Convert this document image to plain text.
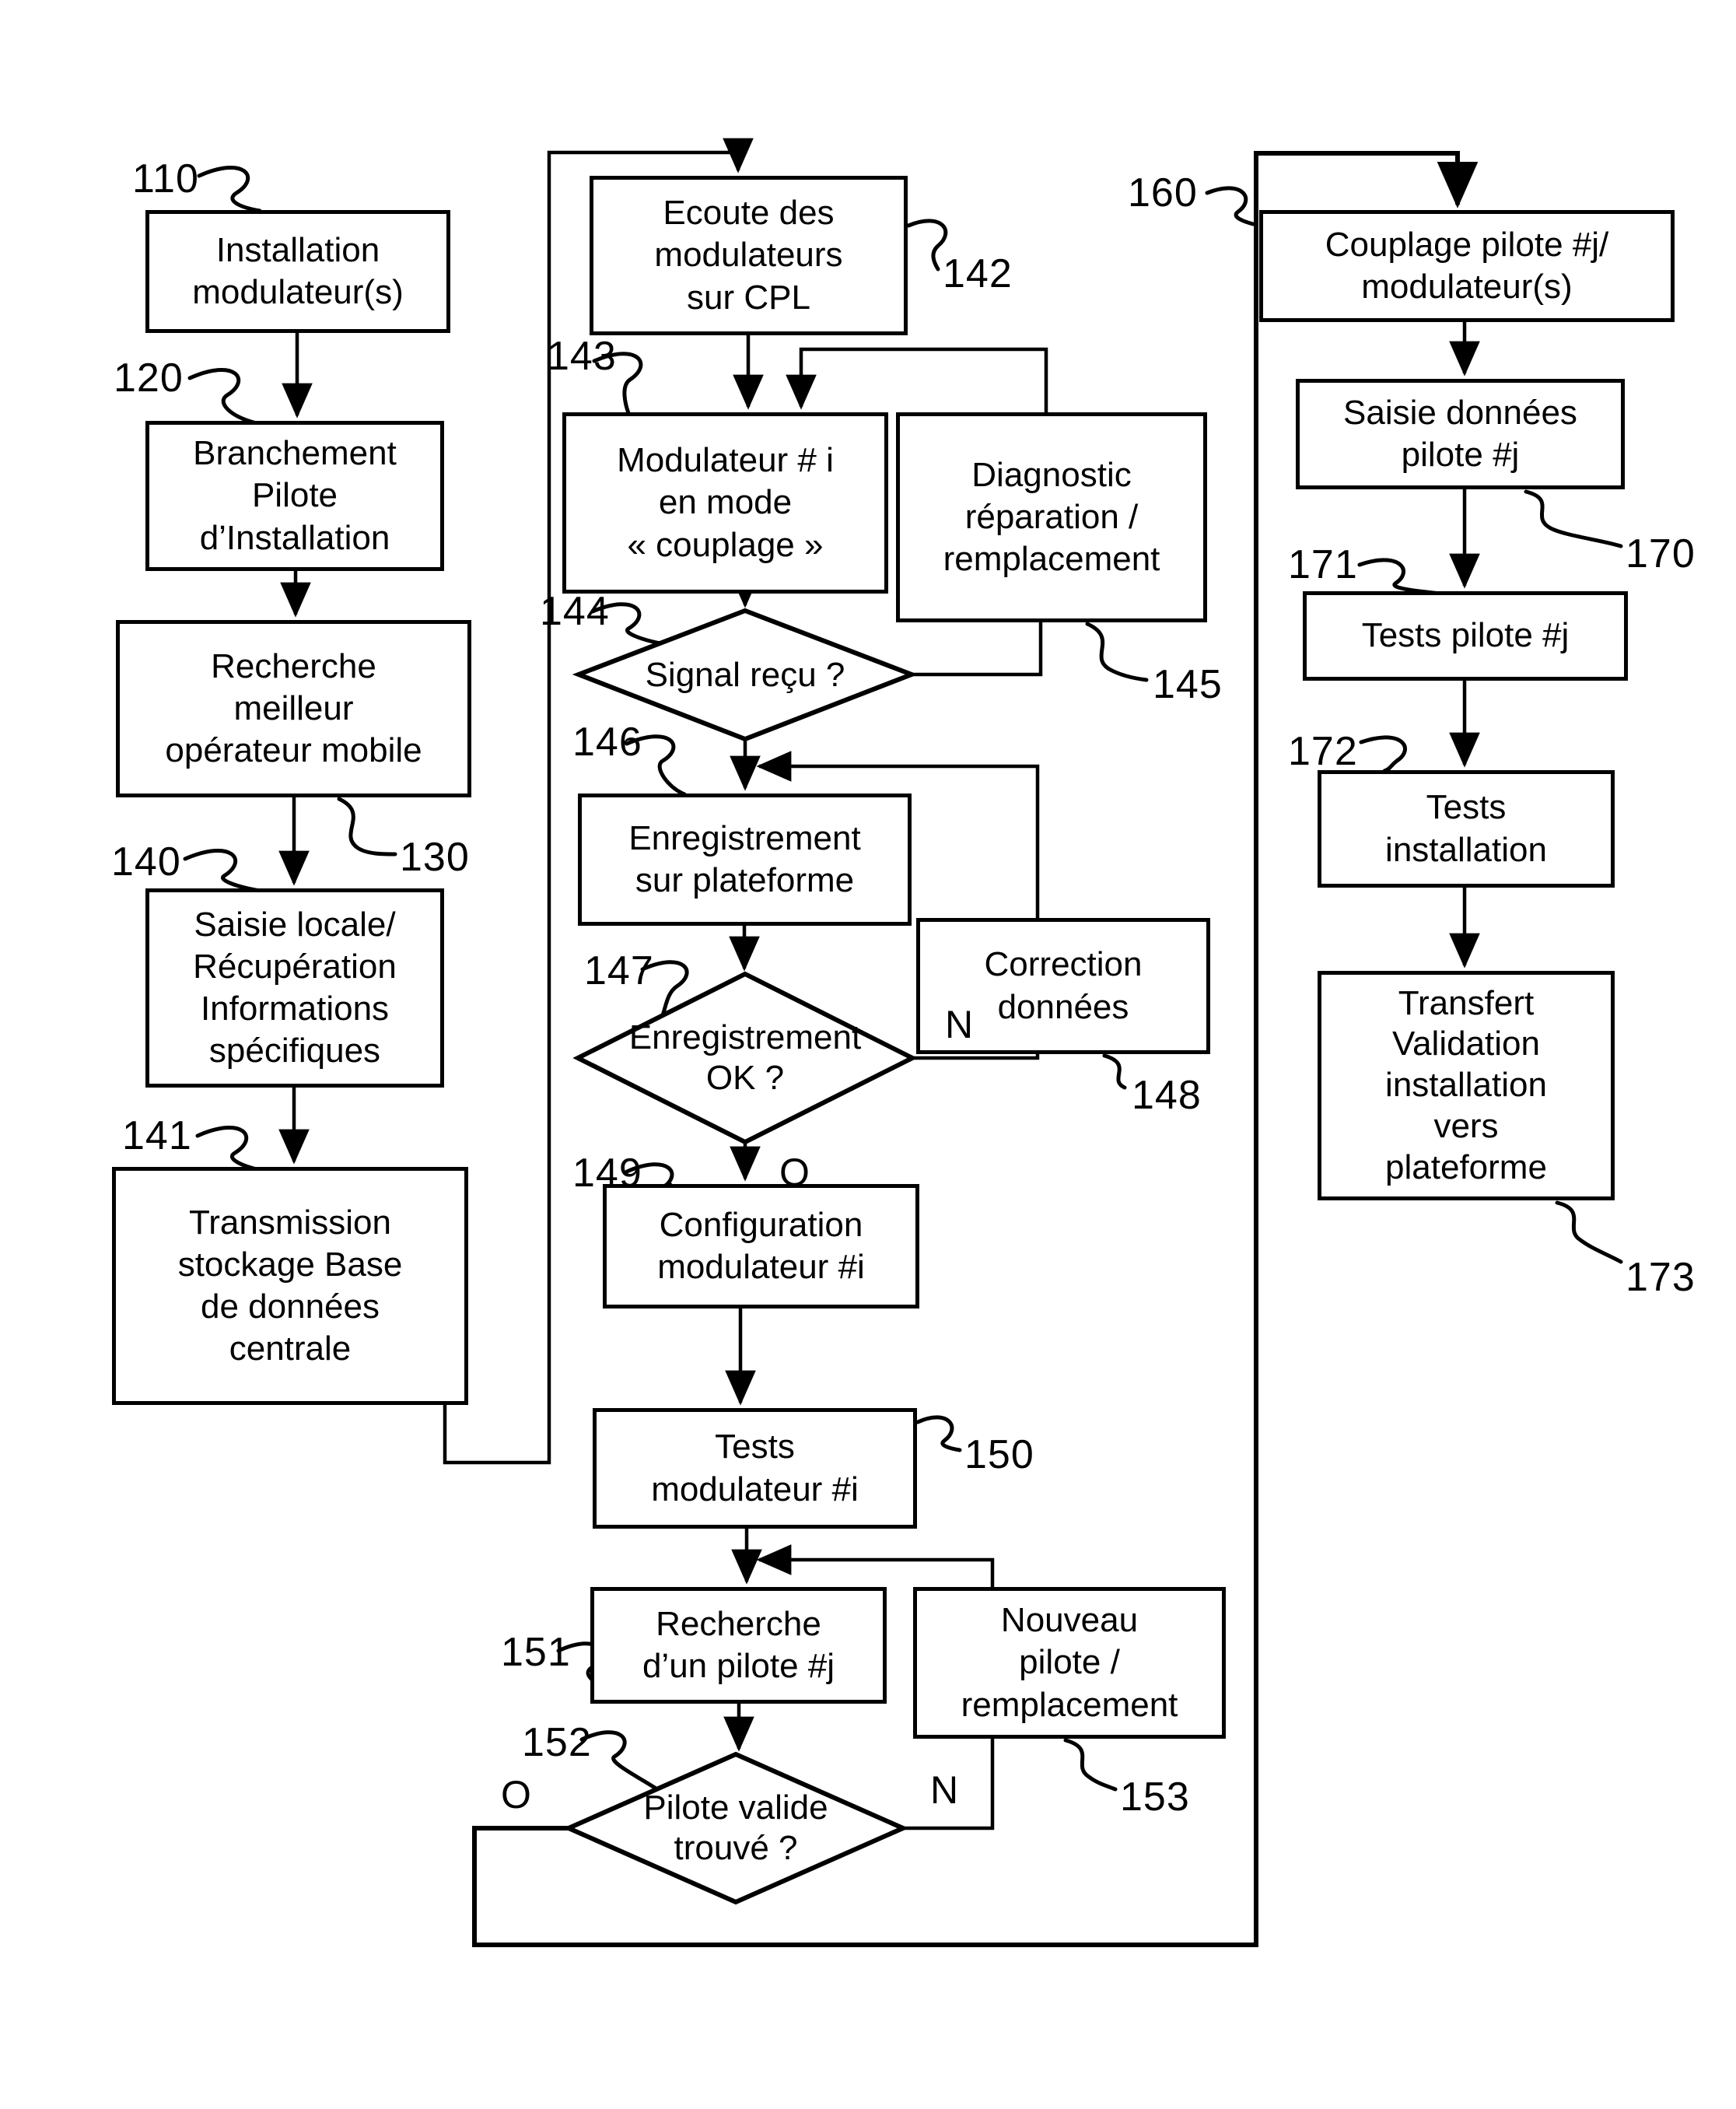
Installation
modulateur(s)
Branchement
Pilote
d’Installation
Recherche
meilleur
opérateur mobile
Saisie locale/
Récupération
Informations
spécifiques
Transmission
stockage Base
de données
centrale
Ecoute des
modulateurs
sur CPL
Modulateur # i
en mode
« couplage »
Diagnostic
réparation /
remplacement
Enregistrement
sur plateforme
Correction
données
Configuration
modulateur #i
Tests
modulateur #i
Recherche
d’un pilote #j
Nouveau
pilote /
remplacement
Couplage pilote #j/
modulateur(s)
Saisie données
pilote #j
Tests pilote #j
Tests
installation
Transfert
Validation
installation
vers
plateforme
Signal reçu ?
Enregistrement
OK ?
Pilote valide
trouvé ?
110
120
130
140
141
142
143
144
145
146
147
148
149
150
151
152
153
160
170
171
172
173
N
O
N
O
